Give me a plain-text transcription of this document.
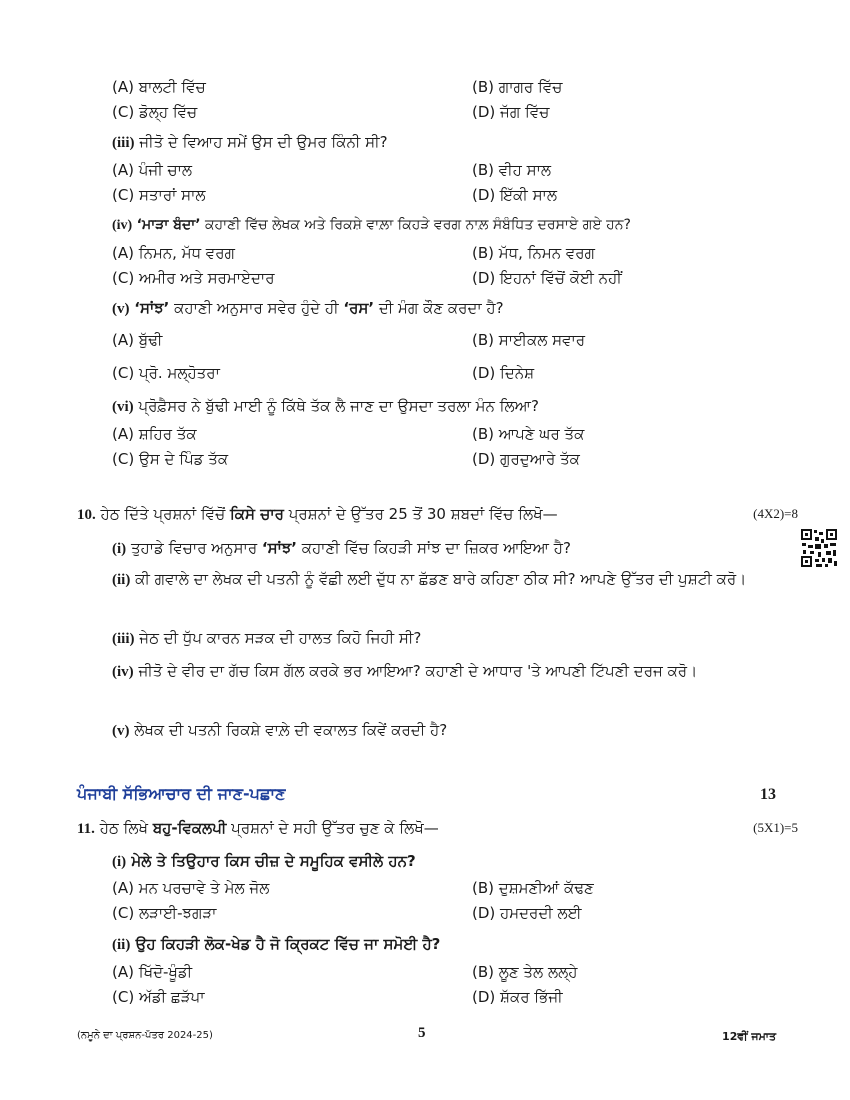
(A) ਬਾਲਟੀ ਵਿੱਚ	(B) ਗਾਗਰ ਵਿੱਚ
(C) ਡੋਲ੍ਹ ਵਿੱਚ	(D) ਜੱਗ ਵਿੱਚ
(iii) ਜੀਤੋ ਦੇ ਵਿਆਹ ਸਮੇਂ ਉਸ ਦੀ ਉਮਰ ਕਿੰਨੀ ਸੀ?
(A) ਪੰਜੀ ਚਾਲ	(B) ਵੀਹ ਸਾਲ
(C) ਸਤਾਰਾਂ ਸਾਲ	(D) ਇੱਕੀ ਸਾਲ
(iv) ‘ਮਾੜਾ ਬੰਦਾ’ ਕਹਾਣੀ ਵਿੱਚ ਲੇਖਕ ਅਤੇ ਰਿਕਸ਼ੇ ਵਾਲ਼ਾ ਕਿਹੜੇ ਵਰਗ ਨਾਲ਼ ਸੰਬੰਧਿਤ ਦਰਸਾਏ ਗਏ ਹਨ?
(A) ਨਿਮਨ, ਮੱਧ ਵਰਗ	(B) ਮੱਧ, ਨਿਮਨ ਵਰਗ
(C) ਅਮੀਰ ਅਤੇ ਸਰਮਾਏਦਾਰ	(D) ਇਹਨਾਂ ਵਿੱਚੋਂ ਕੋਈ ਨਹੀਂ
(v) ‘ਸਾਂਝ’ ਕਹਾਣੀ ਅਨੁਸਾਰ ਸਵੇਰ ਹੁੰਦੇ ਹੀ ‘ਰਸ’ ਦੀ ਮੰਗ ਕੌਣ ਕਰਦਾ ਹੈ?
(A) ਬੁੱਢੀ	(B) ਸਾਈਕਲ ਸਵਾਰ
(C) ਪ੍ਰੋ. ਮਲ੍ਹੋਤਰਾ	(D) ਦਿਨੇਸ਼
(vi) ਪ੍ਰੋਫ਼ੈਸਰ ਨੇ ਬੁੱਢੀ ਮਾਈ ਨੂੰ ਕਿੱਥੇ ਤੱਕ ਲੈ ਜਾਣ ਦਾ ਉਸਦਾ ਤਰਲਾ ਮੰਨ ਲਿਆ?
(A) ਸ਼ਹਿਰ ਤੱਕ	(B) ਆਪਣੇ ਘਰ ਤੱਕ
(C) ਉਸ ਦੇ ਪਿੰਡ ਤੱਕ	(D) ਗੁਰਦੁਆਰੇ ਤੱਕ
10. ਹੇਠ ਦਿੱਤੇ ਪ੍ਰਸ਼ਨਾਂ ਵਿੱਚੋਂ ਕਿਸੇ ਚਾਰ ਪ੍ਰਸ਼ਨਾਂ ਦੇ ਉੱਤਰ 25 ਤੋਂ 30 ਸ਼ਬਦਾਂ ਵਿੱਚ ਲਿਖੋ—	(4X2)=8
(i) ਤੁਹਾਡੇ ਵਿਚਾਰ ਅਨੁਸਾਰ ‘ਸਾਂਝ’ ਕਹਾਣੀ ਵਿੱਚ ਕਿਹੜੀ ਸਾਂਝ ਦਾ ਜ਼ਿਕਰ ਆਇਆ ਹੈ?
(ii) ਕੀ ਗਵਾਲੇ ਦਾ ਲੇਖਕ ਦੀ ਪਤਨੀ ਨੂੰ ਵੱਛੀ ਲਈ ਦੁੱਧ ਨਾ ਛੱਡਣ ਬਾਰੇ ਕਹਿਣਾ ਠੀਕ ਸੀ? ਆਪਣੇ ਉੱਤਰ ਦੀ ਪੁਸ਼ਟੀ ਕਰੋ।
(iii) ਜੇਠ ਦੀ ਧੁੱਪ ਕਾਰਨ ਸੜਕ ਦੀ ਹਾਲਤ ਕਿਹੋ ਜਿਹੀ ਸੀ?
(iv) ਜੀਤੋ ਦੇ ਵੀਰ ਦਾ ਗੱਚ ਕਿਸ ਗੱਲ ਕਰਕੇ ਭਰ ਆਇਆ? ਕਹਾਣੀ ਦੇ ਆਧਾਰ 'ਤੇ ਆਪਣੀ ਟਿੱਪਣੀ ਦਰਜ ਕਰੋ।
(v) ਲੇਖਕ ਦੀ ਪਤਨੀ ਰਿਕਸ਼ੇ ਵਾਲ਼ੇ ਦੀ ਵਕਾਲਤ ਕਿਵੇਂ ਕਰਦੀ ਹੈ?
ਪੰਜਾਬੀ ਸੱਭਿਆਚਾਰ ਦੀ ਜਾਣ-ਪਛਾਣ	13
11. ਹੇਠ ਲਿਖੇ ਬਹੁ-ਵਿਕਲਪੀ ਪ੍ਰਸ਼ਨਾਂ ਦੇ ਸਹੀ ਉੱਤਰ ਚੁਣ ਕੇ ਲਿਖੋ—	(5X1)=5
(i) ਮੇਲੇ ਤੇ ਤਿਉਹਾਰ ਕਿਸ ਚੀਜ਼ ਦੇ ਸਮੂਹਿਕ ਵਸੀਲੇ ਹਨ?
(A) ਮਨ ਪਰਚਾਵੇ ਤੇ ਮੇਲ ਜੋਲ	(B) ਦੁਸ਼ਮਣੀਆਂ ਕੱਢਣ
(C) ਲੜਾਈ-ਝਗੜਾ	(D) ਹਮਦਰਦੀ ਲਈ
(ii) ਉਹ ਕਿਹੜੀ ਲੋਕ-ਖੇਡ ਹੈ ਜੋ ਕ੍ਰਿਕਟ ਵਿੱਚ ਜਾ ਸਮੋਈ ਹੈ?
(A) ਖਿੱਦੋ-ਖੂੰਡੀ	(B) ਲੂਣ ਤੇਲ ਲਲ੍ਹੇ
(C) ਅੱਡੀ ਛੜੱਪਾ	(D) ਸ਼ੱਕਰ ਭਿੱਜੀ
(ਨਮੂਨੇ ਦਾ ਪ੍ਰਸ਼ਨ-ਪੱਤਰ 2024-25)	5	12ਵੀਂ ਜਮਾਤ
